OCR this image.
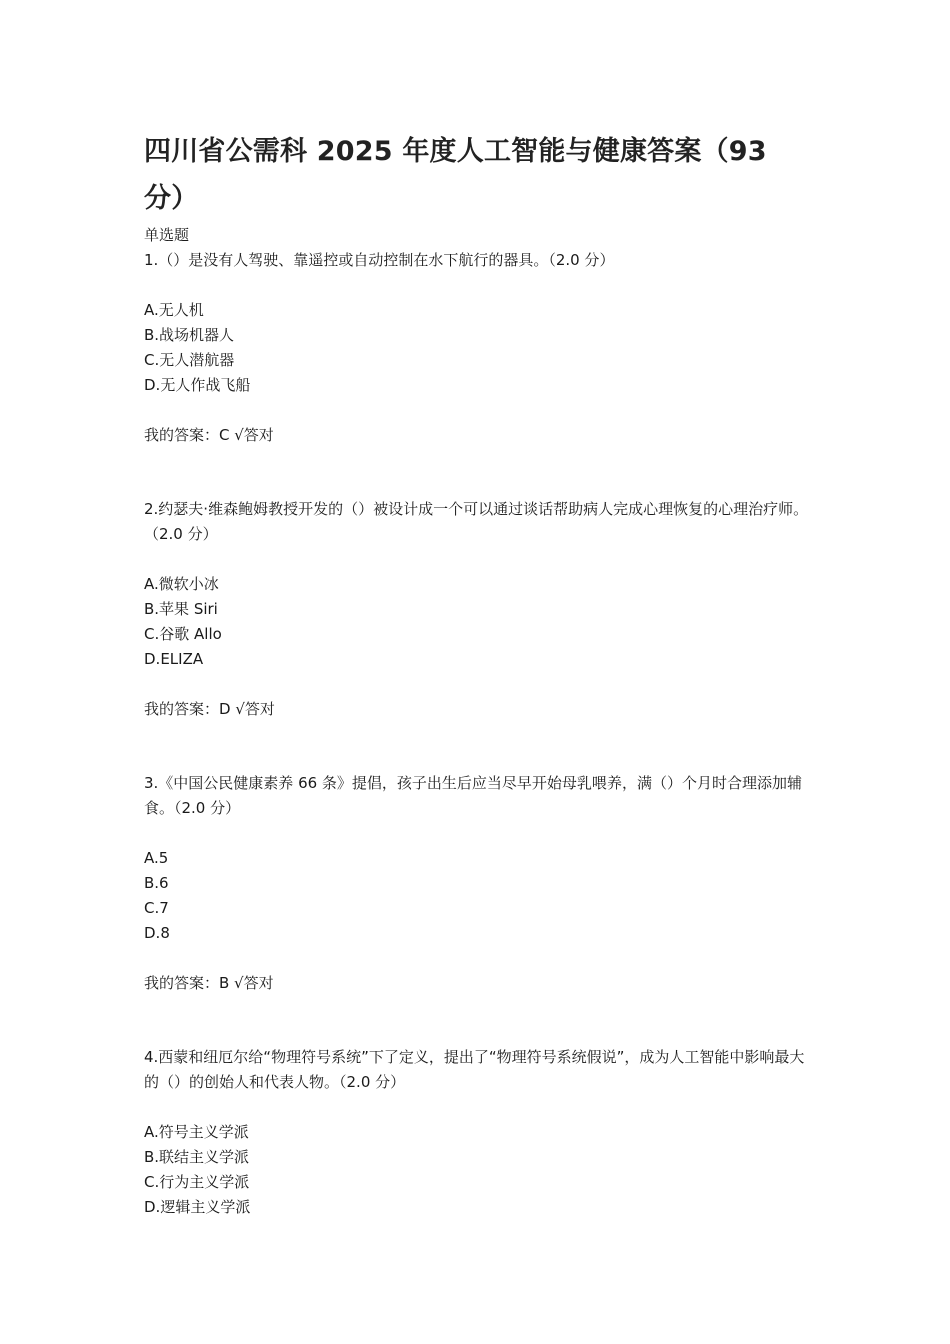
四川省公需科 2025 年度人工智能与健康答案（93 分）
单选题

1.（）是没有人驾驶、靠遥控或自动控制在水下航行的器具。（2.0 分）

A.无人机

B.战场机器人

C.无人潜航器

D.无人作战飞船

我的答案：C √答对

2.约瑟夫·维森鲍姆教授开发的（）被设计成一个可以通过谈话帮助病人完成心理恢复的心理治疗师。（2.0 分）

A.微软小冰

B.苹果 Siri

C.谷歌 Allo

D.ELIZA

我的答案：D √答对

3.《中国公民健康素养 66 条》提倡，孩子出生后应当尽早开始母乳喂养，满（）个月时合理添加辅食。（2.0 分）

A.5

B.6

C.7

D.8

我的答案：B √答对

4.西蒙和纽厄尔给“物理符号系统”下了定义，提出了“物理符号系统假说”，成为人工智能中影响最大的（）的创始人和代表人物。（2.0 分）

A.符号主义学派

B.联结主义学派

C.行为主义学派

D.逻辑主义学派
